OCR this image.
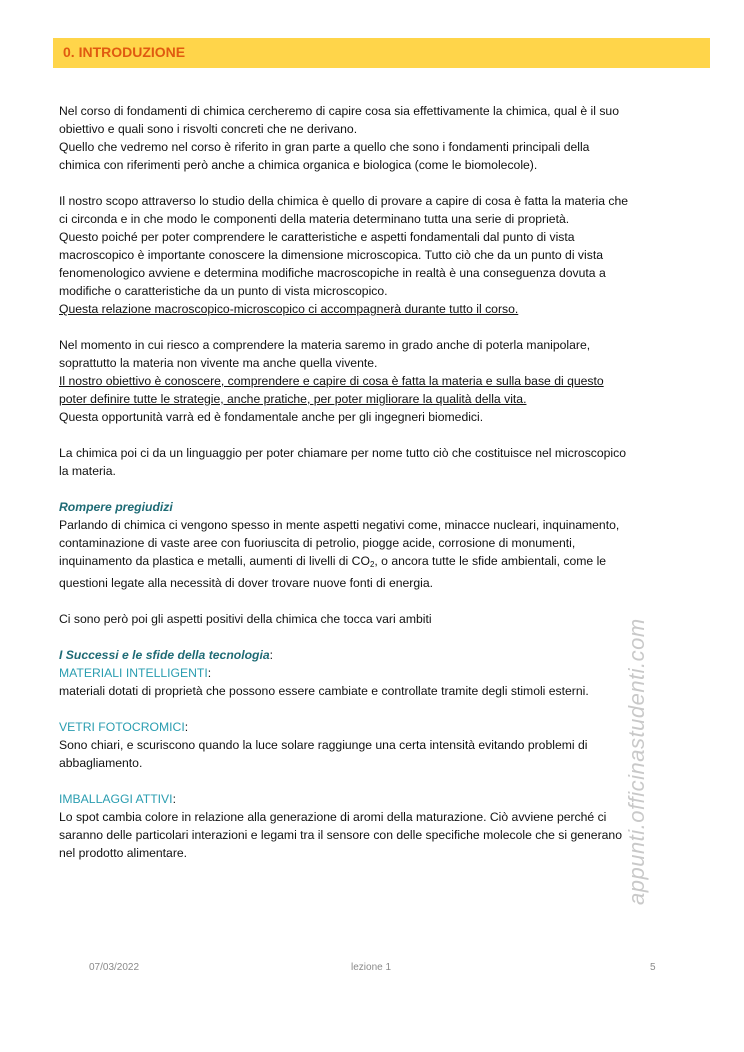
0. INTRODUZIONE

Nel corso di fondamenti di chimica cercheremo di capire cosa sia effettivamente la chimica, qual è il suo

obiettivo e quali sono i risvolti concreti che ne derivano.

Quello che vedremo nel corso è riferito in gran parte a quello che sono i fondamenti principali della

chimica con riferimenti però anche a chimica organica e biologica (come le biomolecole).

Il nostro scopo attraverso lo studio della chimica è quello di provare a capire di cosa è fatta la materia che

ci circonda e in che modo le componenti della materia determinano tutta una serie di proprietà.

Questo poiché per poter comprendere le caratteristiche e aspetti fondamentali dal punto di vista

macroscopico è importante conoscere la dimensione microscopica. Tutto ciò che da un punto di vista

fenomenologico avviene e determina modifiche macroscopiche in realtà è una conseguenza dovuta a

modifiche o caratteristiche da un punto di vista microscopico.

Questa relazione macroscopico-microscopico ci accompagnerà durante tutto il corso.

Nel momento in cui riesco a comprendere la materia saremo in grado anche di poterla manipolare,

soprattutto la materia non vivente ma anche quella vivente.

Il nostro obiettivo è conoscere, comprendere e capire di cosa è fatta la materia e sulla base di questo

poter definire tutte le strategie, anche pratiche, per poter migliorare la qualità della vita.

Questa opportunità varrà ed è fondamentale anche per gli ingegneri biomedici.

La chimica poi ci da un linguaggio per poter chiamare per nome tutto ciò che costituisce nel microscopico

la materia.

Rompere pregiudizi

Parlando di chimica ci vengono spesso in mente aspetti negativi come, minacce nucleari, inquinamento,

contaminazione di vaste aree con fuoriuscita di petrolio, piogge acide, corrosione di monumenti,

inquinamento da plastica e metalli, aumenti di livelli di $CO_2$, o ancora tutte le sfide ambientali, come le

questioni legate alla necessità di dover trovare nuove fonti di energia.

Ci sono però poi gli aspetti positivi della chimica che tocca vari ambiti

I Successi e le sfide della tecnologia:

MATERIALI INTELLIGENTI:

materiali dotati di proprietà che possono essere cambiate e controllate tramite degli stimoli esterni.

VETRI FOTOCROMICI:

Sono chiari, e scuriscono quando la luce solare raggiunge una certa intensità evitando problemi di

abbagliamento.

IMBALLAGGI ATTIVI:

Lo spot cambia colore in relazione alla generazione di aromi della maturazione. Ciò avviene perché ci

saranno delle particolari interazioni e legami tra il sensore con delle specifiche molecole che si generano

nel prodotto alimentare.	appunti.officinastudenti.com
07/03/2022	lezione 1	5
